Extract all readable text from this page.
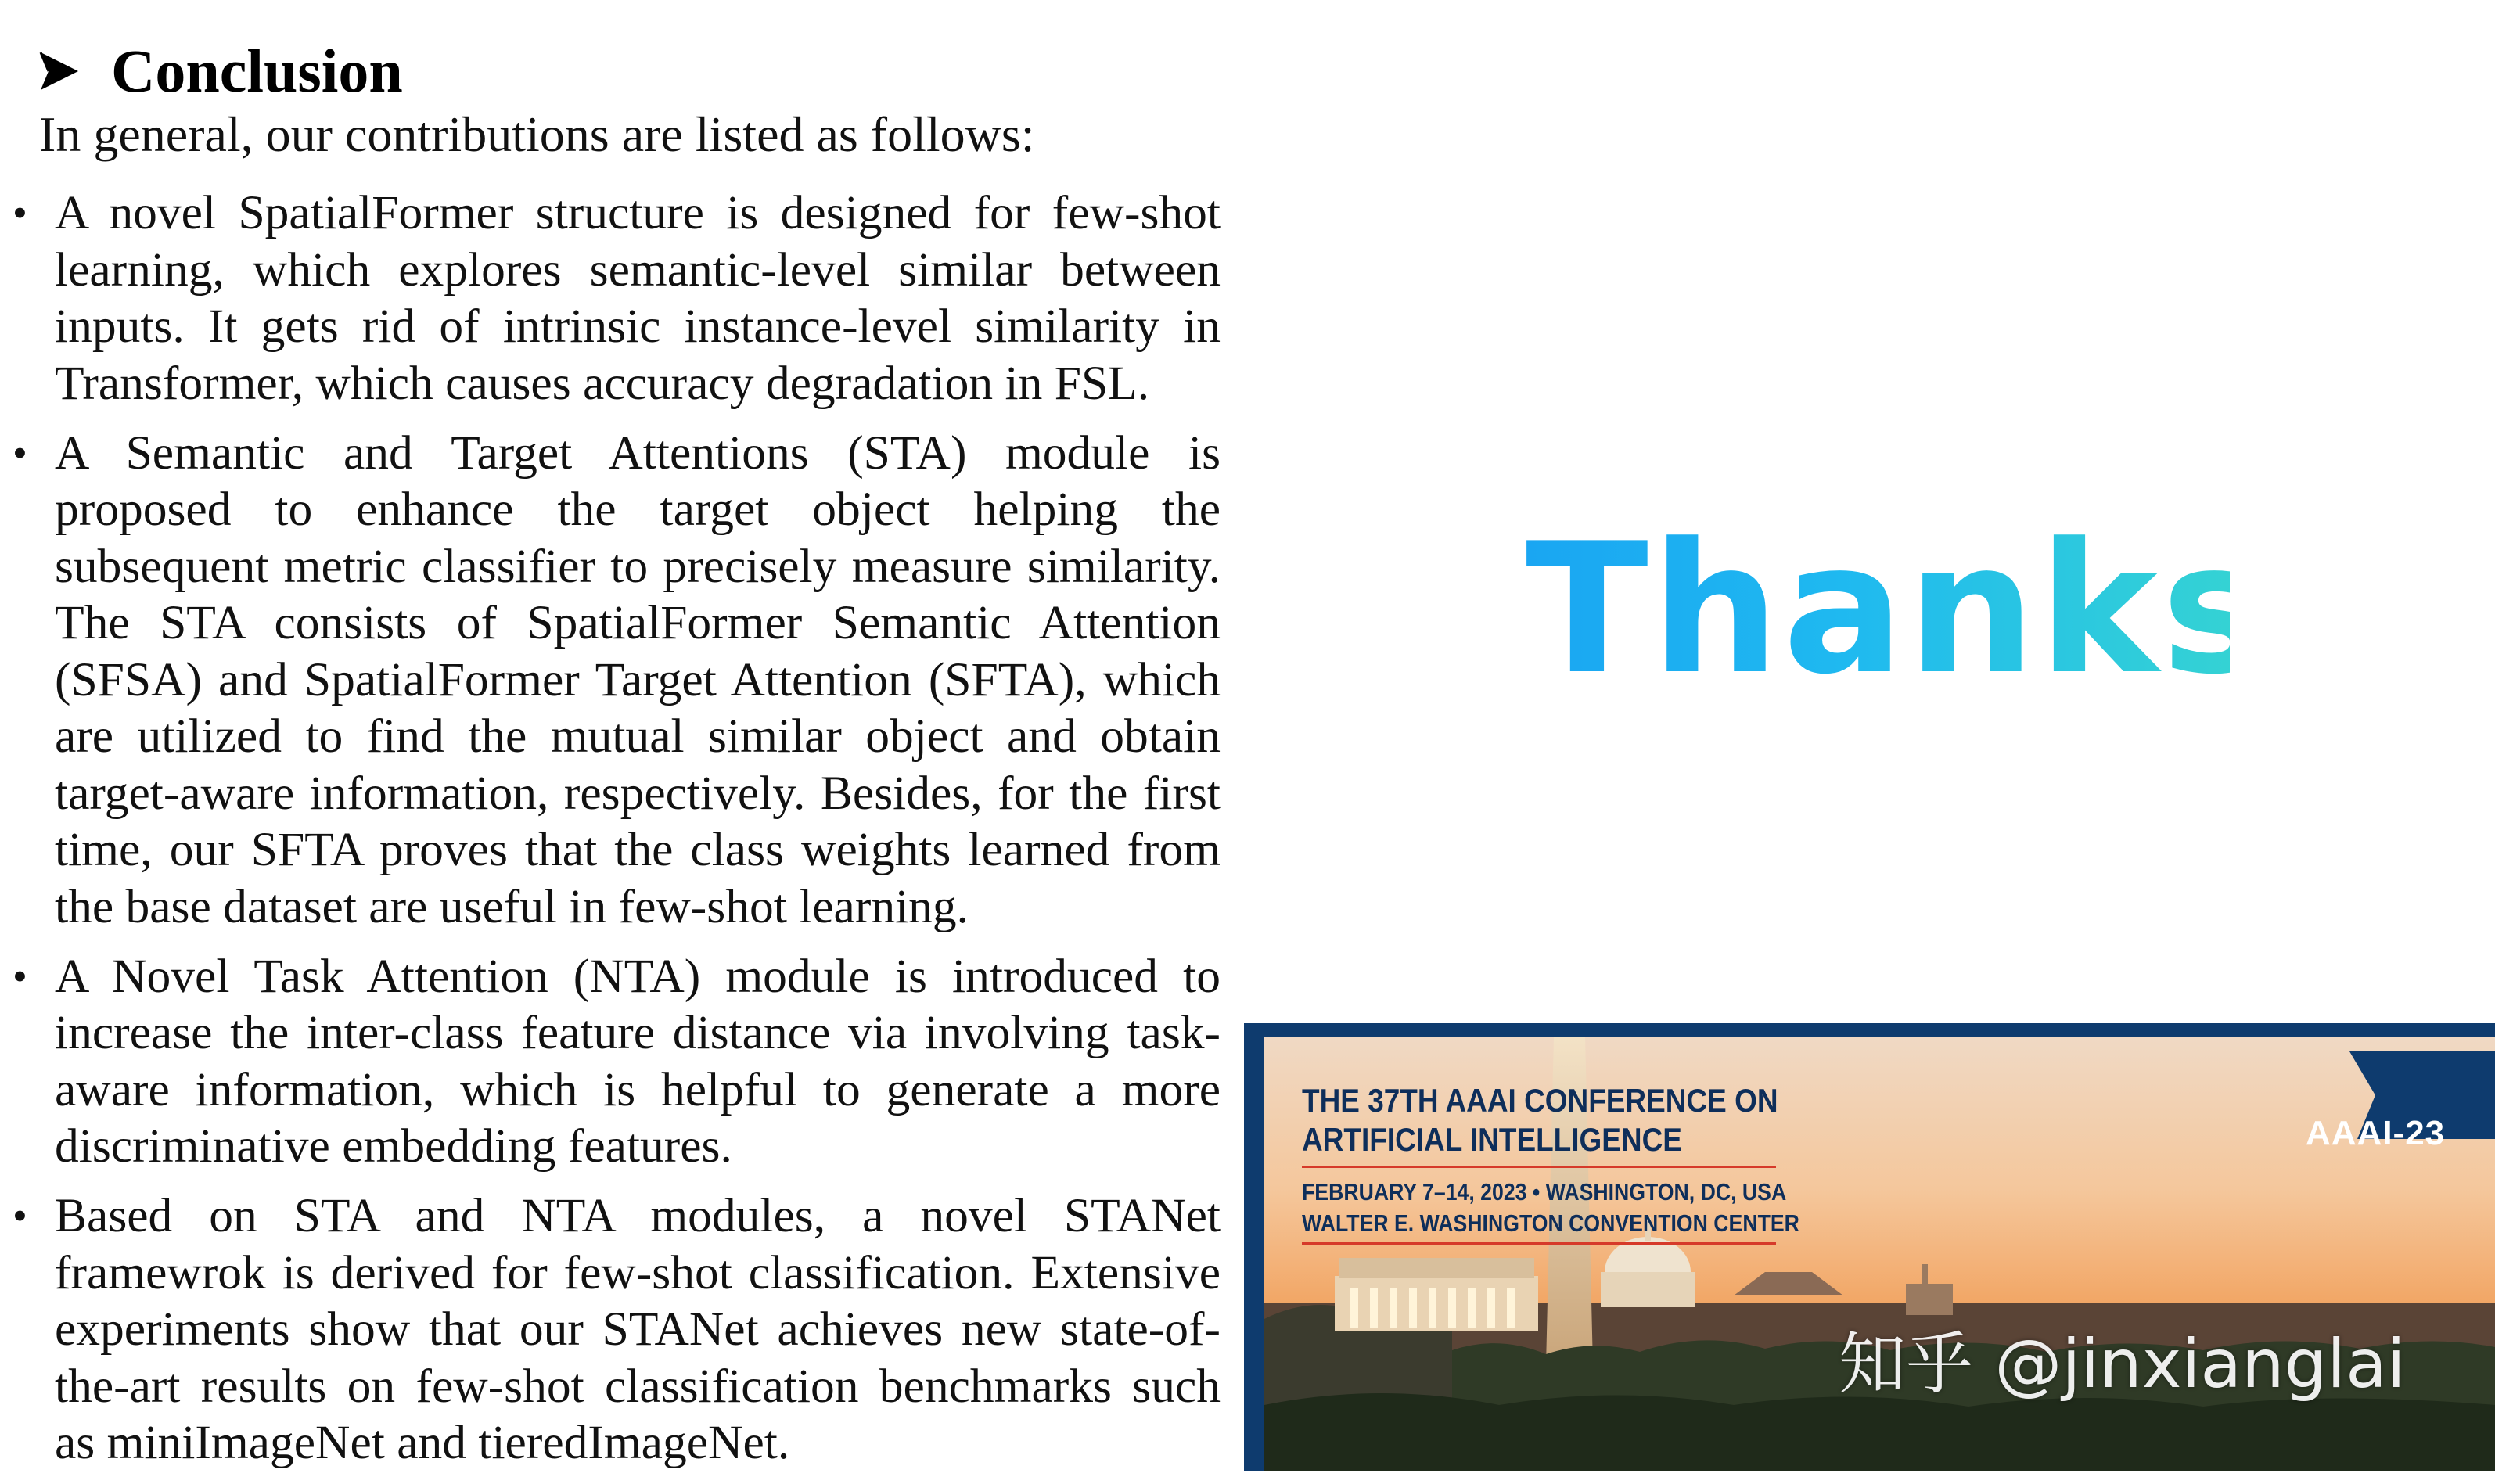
Conclusion
In general, our contributions are listed as follows:
• A novel SpatialFormer structure is designed for few-shot learning, which explores semantic-level similar between inputs. It gets rid of intrinsic instance-level similarity in Transformer, which causes accuracy degradation in FSL.
• A Semantic and Target Attentions (STA) module is proposed to enhance the target object helping the subsequent metric classifier to precisely measure similarity. The STA consists of SpatialFormer Semantic Attention (SFSA) and SpatialFormer Target Attention (SFTA), which are utilized to find the mutual similar object and obtain target-aware information, respectively. Besides, for the first time, our SFTA proves that the class weights learned from the base dataset are useful in few-shot learning.
• A Novel Task Attention (NTA) module is introduced to increase the inter-class feature distance via involving task-aware information, which is helpful to generate a more discriminative embedding features.
• Based on STA and NTA modules, a novel STANet framewrok is derived for few-shot classification. Extensive experiments show that our STANet achieves new state-of-the-art results on few-shot classification benchmarks such as miniImageNet and tieredImageNet.
Thanks!
THE 37TH AAAI CONFERENCE ON
ARTIFICIAL INTELLIGENCE
FEBRUARY 7–14, 2023 • WASHINGTON, DC, USA
WALTER E. WASHINGTON CONVENTION CENTER
AAAI-23
知乎 @jinxianglai
